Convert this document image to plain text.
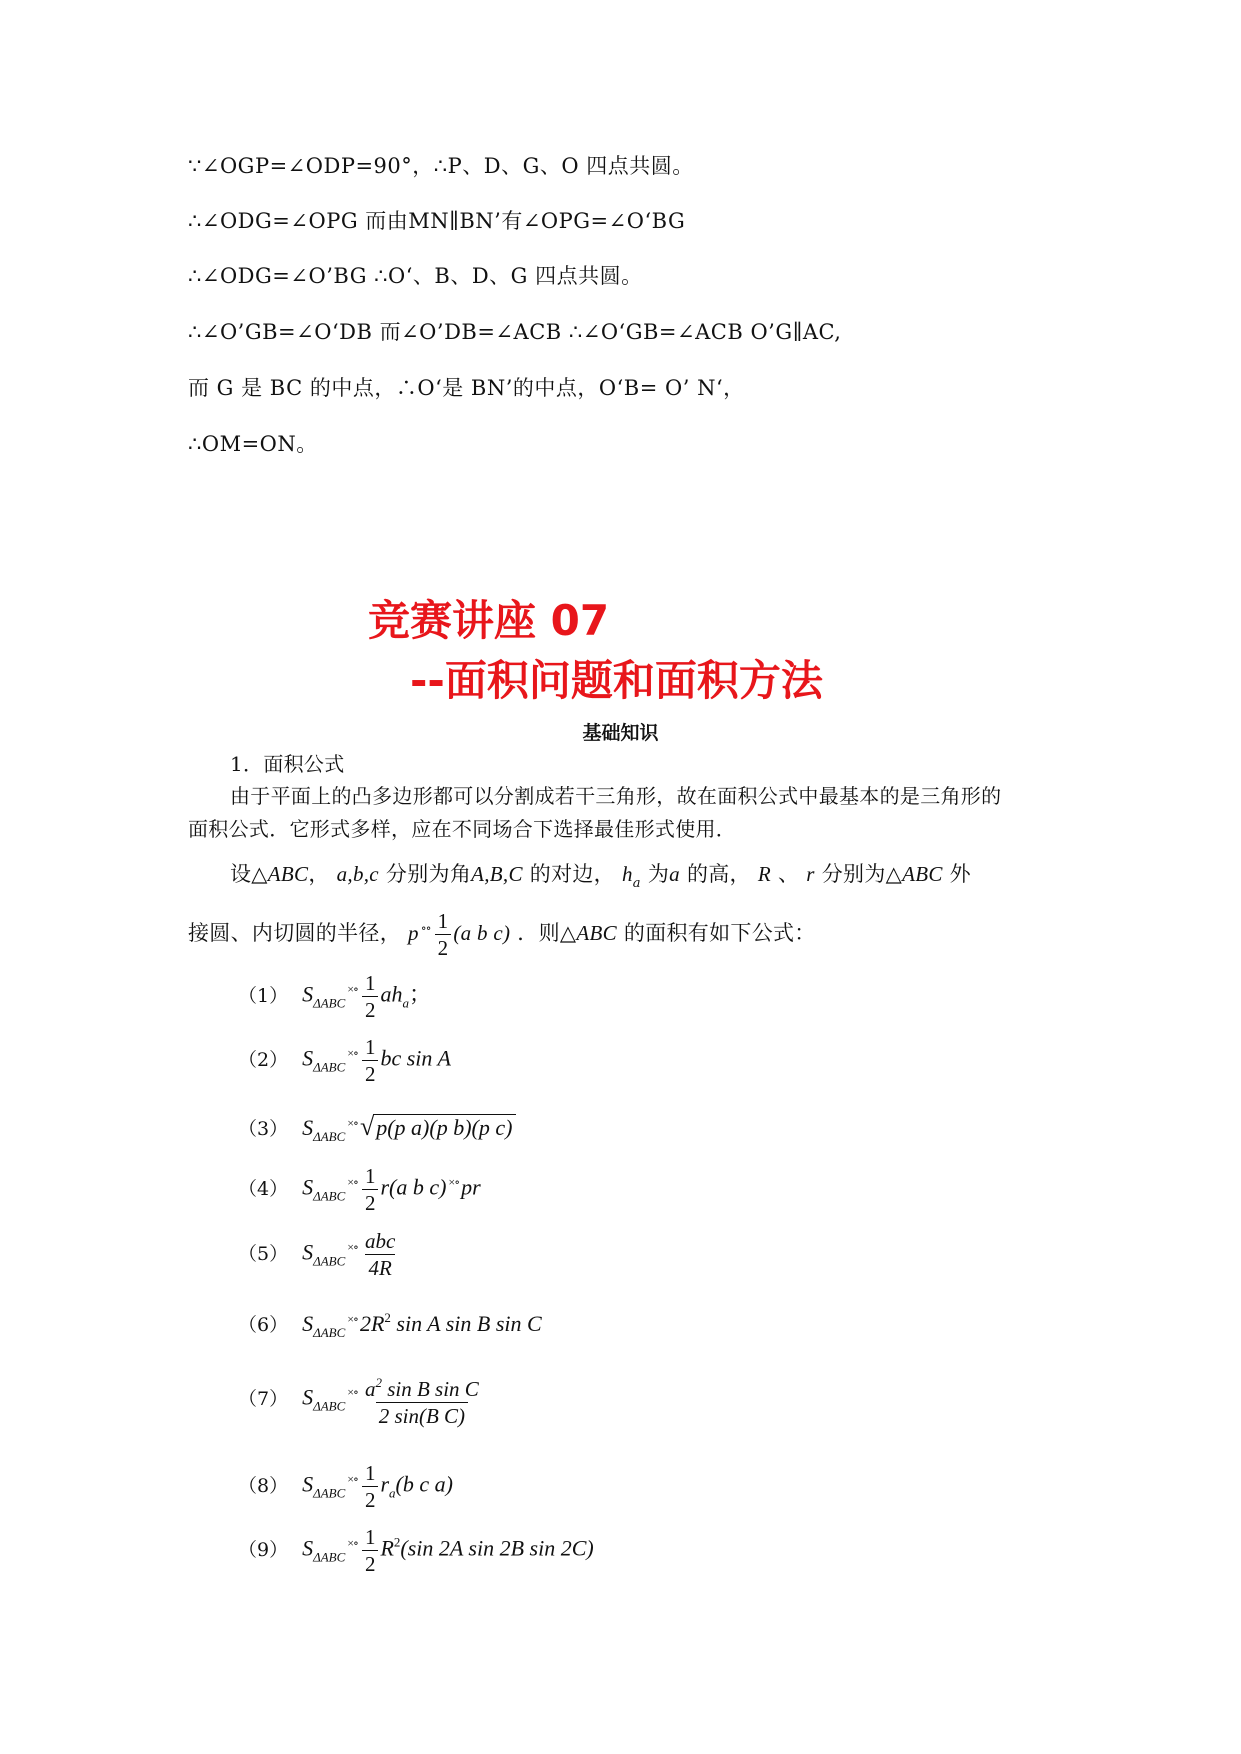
∵∠OGP=∠ODP=90°，∴P、D、G、O 四点共圆。
∴∠ODG=∠OPG 而由MN∥BN’有∠OPG=∠O‘BG
∴∠ODG=∠O’BG ∴O‘、B、D、G 四点共圆。
∴∠O’GB=∠O‘DB 而∠O’DB=∠ACB ∴∠O‘GB=∠ACB O’G∥AC,
而 G 是 BC 的中点，∴O‘是 BN’的中点，O‘B= O’ N‘，
∴OM=ON。
竞赛讲座 07
--面积问题和面积方法
基础知识
1．面积公式
由于平面上的凸多边形都可以分割成若干三角形，故在面积公式中最基本的是三角形的
面积公式．它形式多样，应在不同场合下选择最佳形式使用．
设△ABC， a,b,c 分别为角A,B,C 的对边， $h_a$ 为a 的高， R 、 r 分别为△ABC 外
接圆、内切圆的半径， p $^{\circ\circ} \frac{1}{2} (a$ b c) ．则△ABC 的面积有如下公式：
（1） $S_{\Delta ABC}^{\times\circ} \frac{1}{2} ah_a$；
（2） $S_{\Delta ABC}^{\times\circ} \frac{1}{2}$ bc sin A
（3） $S_{\Delta ABC}^{\times\circ}√p(p$ a)(p b)(p c)
（4） $S_{\Delta ABC}^{\times\circ} \frac{1}{2} r(a$ b c) ×∘pr
（5） $S_{\Delta ABC}^{\times\circ} \frac{\text{abc}}{4R}$
（6） $S_{\Delta ABC}^{\times\circ}2R^2$ sin A sin B sin C
（7） $S_{\Delta ABC}^{\times\circ} \frac{a^2 \sin B \sin C}{\text{2 sin(B C)}}$
（8） $S_{\Delta ABC}^{\times\circ} \frac{1}{2} r_a(b$ c a)
（9） $S_{\Delta ABC}^{\times\circ} \frac{1}{2} R^2(\sin$ 2A sin 2B sin 2C)
